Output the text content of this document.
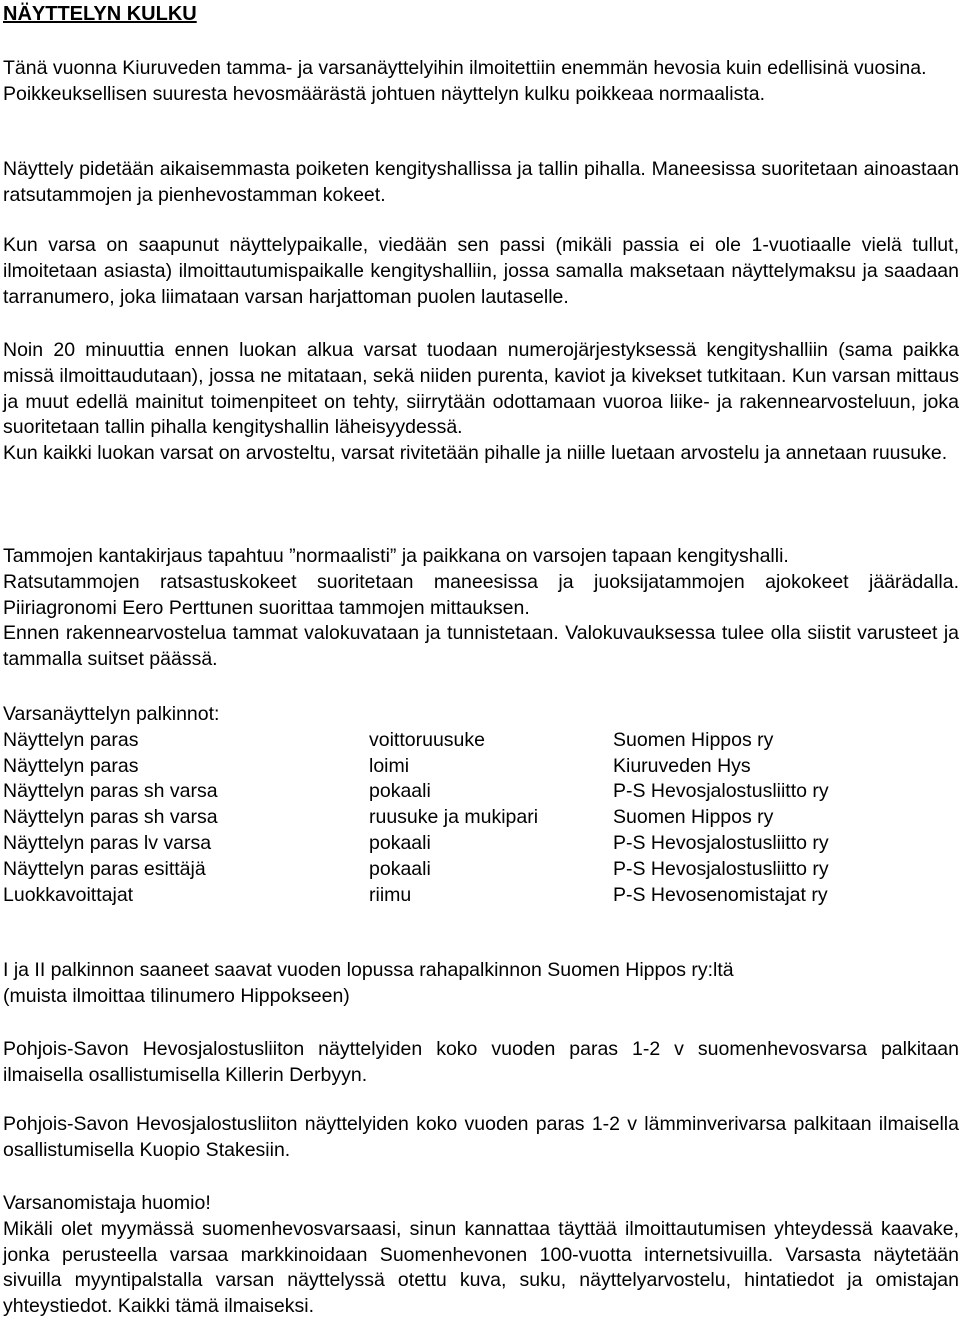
NÄYTTELYN KULKU

Tänä vuonna Kiuruveden tamma- ja varsanäyttelyihin ilmoitettiin enemmän hevosia kuin edellisinä vuosina.

Poikkeuksellisen suuresta hevosmäärästä johtuen näyttelyn kulku poikkeaa normaalista.

Näyttely pidetään aikaisemmasta poiketen kengityshallissa ja tallin pihalla. Maneesissa suoritetaan ainoastaan ratsutammojen ja pienhevostamman kokeet.

Kun varsa on saapunut näyttelypaikalle, viedään sen passi (mikäli passia ei ole 1-vuotiaalle vielä tullut, ilmoitetaan asiasta) ilmoittautumispaikalle kengityshalliin, jossa samalla maksetaan näyttelymaksu ja saadaan tarranumero, joka liimataan varsan harjattoman puolen lautaselle.

Noin 20 minuuttia ennen luokan alkua varsat tuodaan numerojärjestyksessä kengityshalliin (sama paikka missä ilmoittaudutaan), jossa ne mitataan, sekä niiden purenta, kaviot ja kivekset tutkitaan. Kun varsan mittaus ja muut edellä mainitut toimenpiteet on tehty, siirrytään odottamaan vuoroa liike- ja rakennearvosteluun, joka suoritetaan tallin pihalla kengityshallin läheisyydessä.

Kun kaikki luokan varsat on arvosteltu, varsat rivitetään pihalle ja niille luetaan arvostelu ja annetaan ruusuke.

Tammojen kantakirjaus tapahtuu ”normaalisti” ja paikkana on varsojen tapaan kengityshalli.

Ratsutammojen ratsastuskokeet suoritetaan maneesissa ja juoksijatammojen ajokokeet jäärädalla. Piiriagronomi Eero Perttunen suorittaa tammojen mittauksen.

Ennen rakennearvostelua tammat valokuvataan ja tunnistetaan. Valokuvauksessa tulee olla siistit varusteet ja tammalla suitset päässä.

Varsanäyttelyn palkinnot:

Näyttelyn paras	voittoruusuke	Suomen Hippos ry
Näyttelyn paras	loimi	Kiuruveden Hys
Näyttelyn paras sh varsa	pokaali	P-S Hevosjalostusliitto ry
Näyttelyn paras sh varsa	ruusuke ja mukipari	Suomen Hippos ry
Näyttelyn paras lv varsa	pokaali	P-S Hevosjalostusliitto ry
Näyttelyn paras esittäjä	pokaali	P-S Hevosjalostusliitto ry
Luokkavoittajat	riimu	P-S Hevosenomistajat ry

I ja II palkinnon saaneet saavat vuoden lopussa rahapalkinnon Suomen Hippos ry:ltä

(muista ilmoittaa tilinumero Hippokseen)

Pohjois-Savon Hevosjalostusliiton näyttelyiden koko vuoden paras 1-2 v suomenhevosvarsa palkitaan ilmaisella osallistumisella Killerin Derbyyn.

Pohjois-Savon Hevosjalostusliiton näyttelyiden koko vuoden paras 1-2 v lämminverivarsa palkitaan ilmaisella osallistumisella Kuopio Stakesiin.

Varsanomistaja huomio!

Mikäli olet myymässä suomenhevosvarsaasi, sinun kannattaa täyttää ilmoittautumisen yhteydessä kaavake, jonka perusteella varsaa markkinoidaan Suomenhevonen 100-vuotta internetsivuilla. Varsasta näytetään sivuilla myyntipalstalla varsan näyttelyssä otettu kuva, suku, näyttelyarvostelu, hintatiedot ja omistajan yhteystiedot. Kaikki tämä ilmaiseksi.
